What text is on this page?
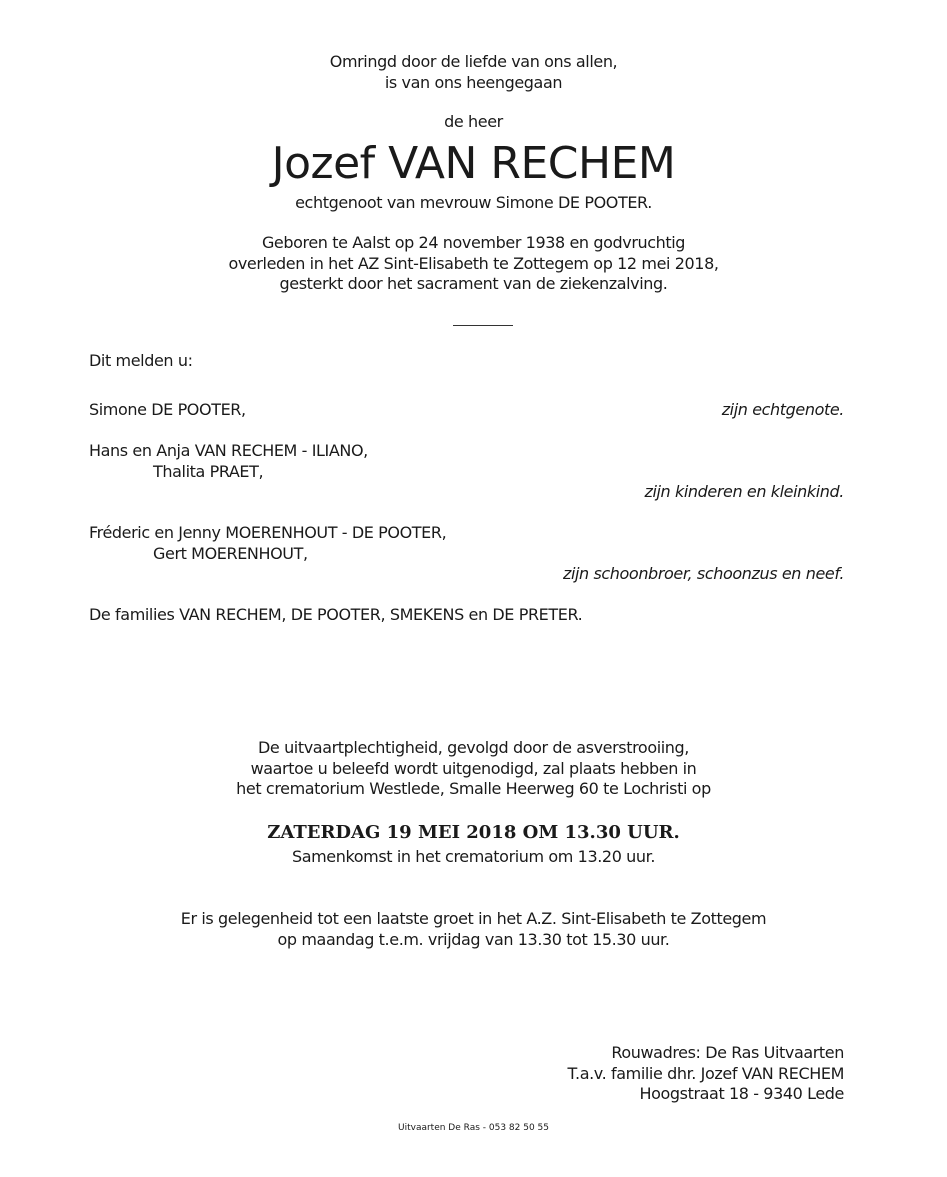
Omringd door de liefde van ons allen,
is van ons heengegaan
de heer
Jozef VAN RECHEM
echtgenoot van mevrouw Simone DE POOTER.
Geboren te Aalst op 24 november 1938 en godvruchtig
overleden in het AZ Sint-Elisabeth te Zottegem op 12 mei 2018,
gesterkt door het sacrament van de ziekenzalving.
Dit melden u:
Simone DE POOTER,	zijn echtgenote.
Hans en Anja VAN RECHEM - ILIANO,
Thalita PRAET,
zijn kinderen en kleinkind.
Fréderic en Jenny MOERENHOUT - DE POOTER,
Gert MOERENHOUT,
zijn schoonbroer, schoonzus en neef.
De families VAN RECHEM, DE POOTER, SMEKENS en DE PRETER.
De uitvaartplechtigheid, gevolgd door de asverstrooiing,
waartoe u beleefd wordt uitgenodigd, zal plaats hebben in
het crematorium Westlede, Smalle Heerweg 60 te Lochristi op
ZATERDAG 19 MEI 2018 OM 13.30 UUR.
Samenkomst in het crematorium om 13.20 uur.
Er is gelegenheid tot een laatste groet in het A.Z. Sint-Elisabeth te Zottegem
op maandag t.e.m. vrijdag van 13.30 tot 15.30 uur.
Rouwadres: De Ras Uitvaarten
T.a.v. familie dhr. Jozef VAN RECHEM
Hoogstraat 18 - 9340 Lede
Uitvaarten De Ras - 053 82 50 55
